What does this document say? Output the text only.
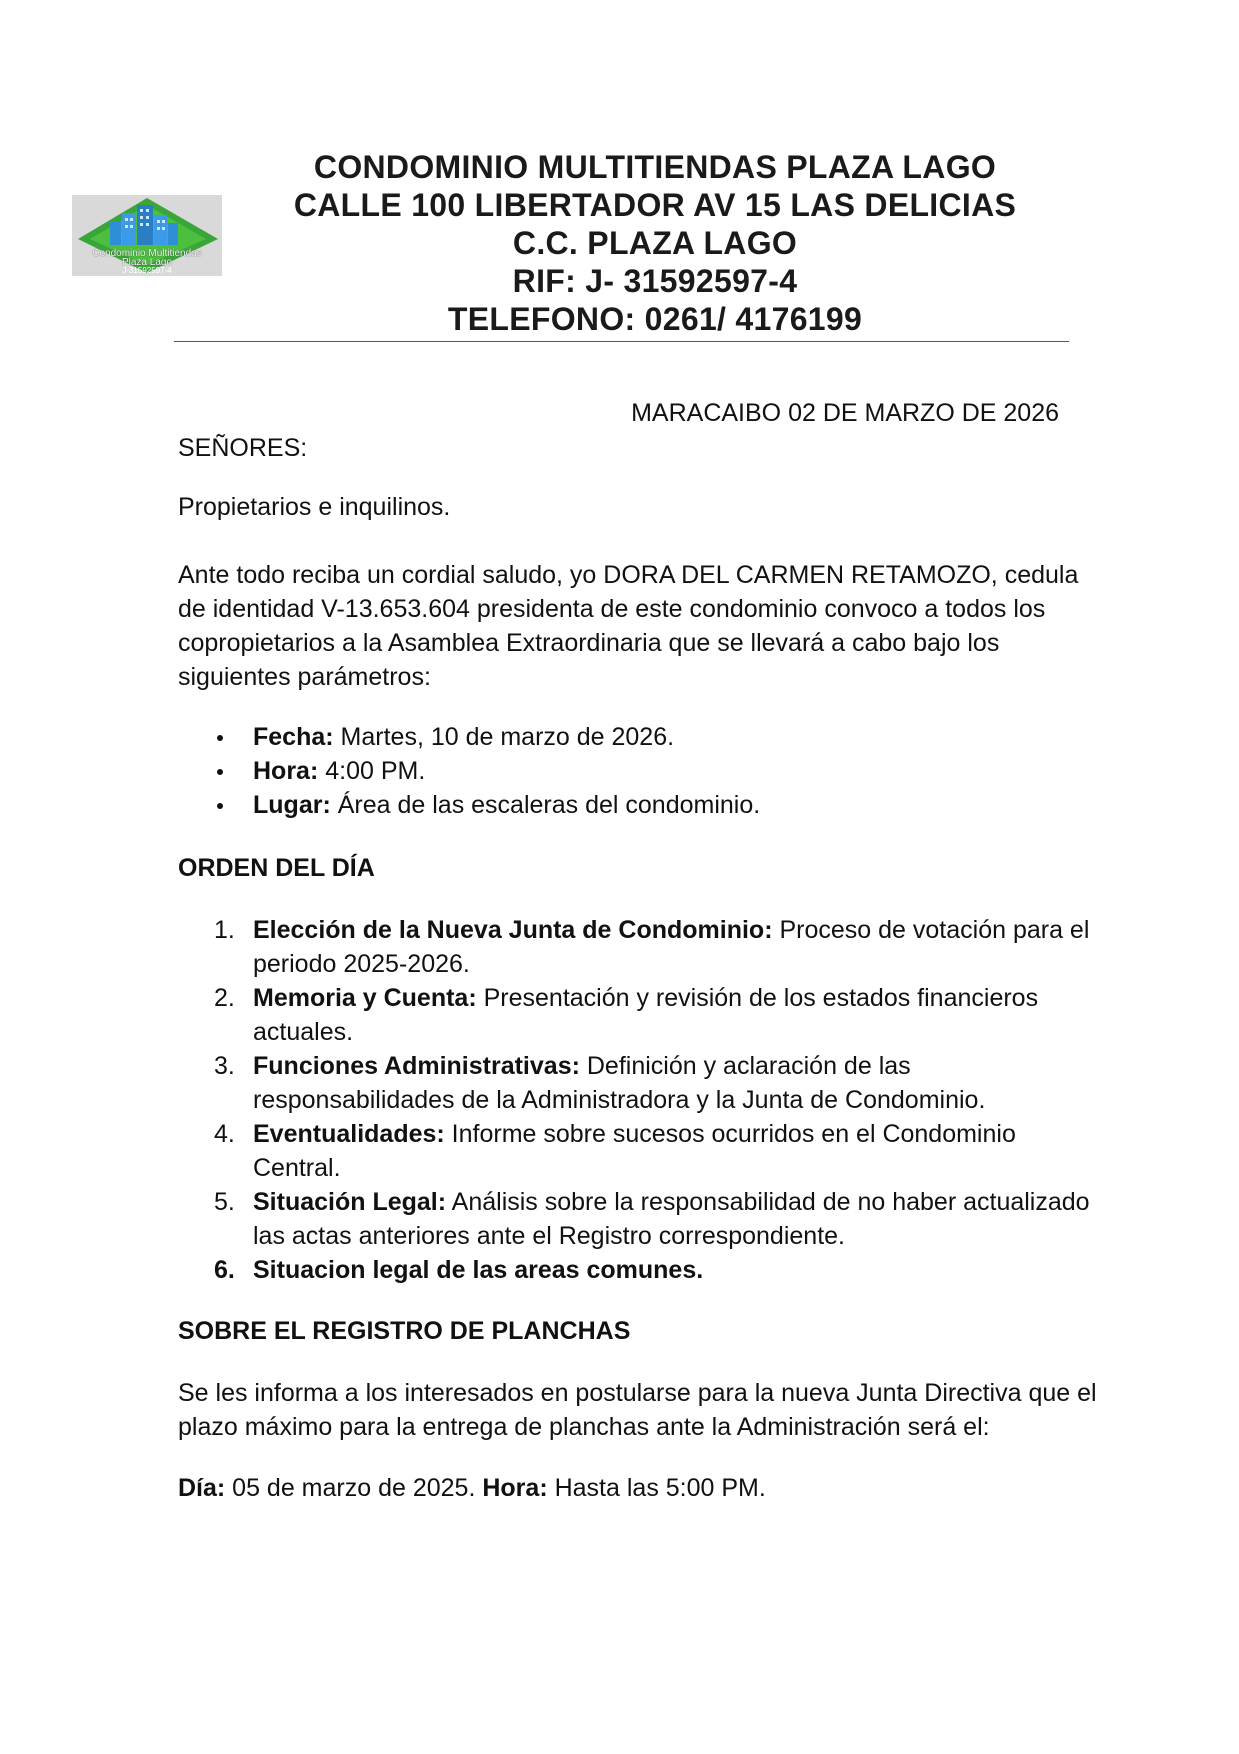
Condominio Multitiendas
Plaza Lago
J-31592597-4
CONDOMINIO MULTITIENDAS PLAZA LAGO
CALLE 100 LIBERTADOR AV 15 LAS DELICIAS
C.C. PLAZA LAGO
RIF: J- 31592597-4
TELEFONO: 0261/ 4176199
MARACAIBO 02 DE MARZO DE 2026
SEÑORES:
Propietarios e inquilinos.
Ante todo reciba un cordial saludo, yo DORA DEL CARMEN RETAMOZO, cedula
de identidad V-13.653.604 presidenta de este condominio convoco a todos los
copropietarios a la Asamblea Extraordinaria que se llevará a cabo bajo los
siguientes parámetros:
Fecha: Martes, 10 de marzo de 2026.
Hora: 4:00 PM.
Lugar: Área de las escaleras del condominio.
ORDEN DEL DÍA
1. Elección de la Nueva Junta de Condominio: Proceso de votación para el
periodo 2025-2026.
2. Memoria y Cuenta: Presentación y revisión de los estados financieros
actuales.
3. Funciones Administrativas: Definición y aclaración de las
responsabilidades de la Administradora y la Junta de Condominio.
4. Eventualidades: Informe sobre sucesos ocurridos en el Condominio
Central.
5. Situación Legal: Análisis sobre la responsabilidad de no haber actualizado
las actas anteriores ante el Registro correspondiente.
6. Situacion legal de las areas comunes.
SOBRE EL REGISTRO DE PLANCHAS
Se les informa a los interesados en postularse para la nueva Junta Directiva que el
plazo máximo para la entrega de planchas ante la Administración será el:
Día: 05 de marzo de 2025. Hora: Hasta las 5:00 PM.
